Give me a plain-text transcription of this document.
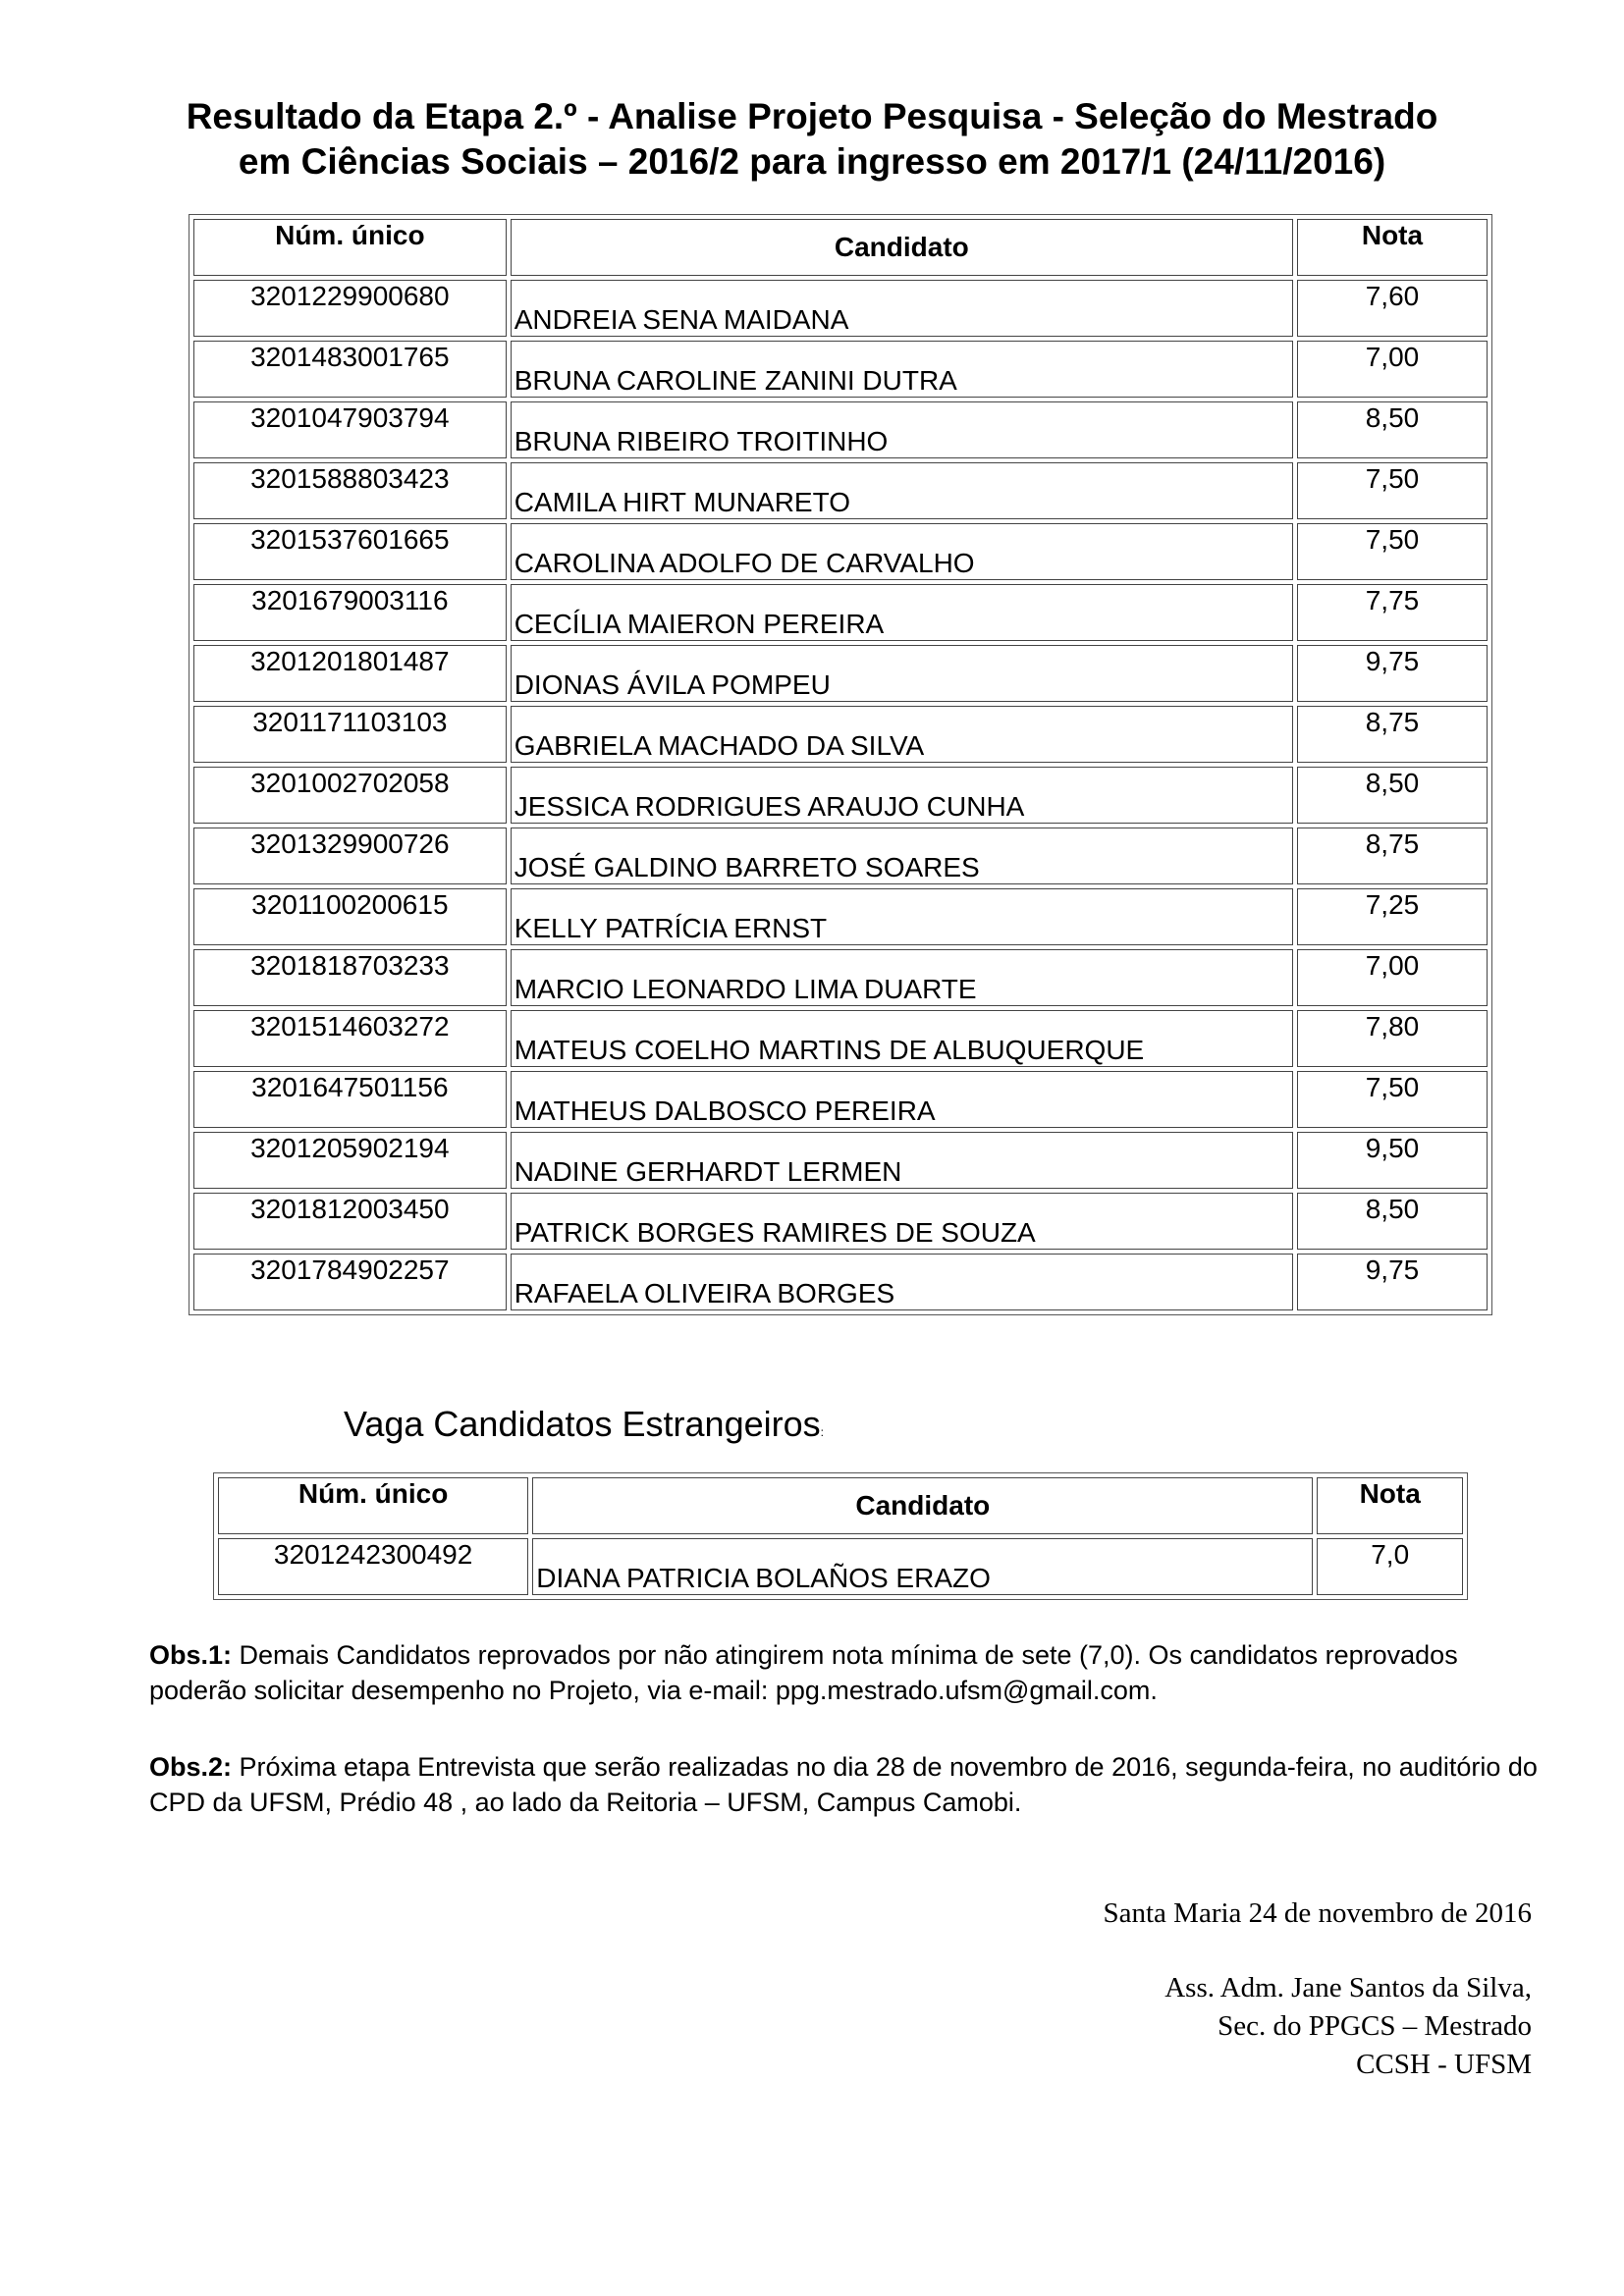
Resultado da Etapa 2.º - Analise Projeto Pesquisa - Seleção do Mestrado
em Ciências Sociais – 2016/2 para ingresso em 2017/1 (24/11/2016)
Núm. único	Candidato	Nota
3201229900680	ANDREIA SENA MAIDANA	7,60
3201483001765	BRUNA CAROLINE ZANINI DUTRA	7,00
3201047903794	BRUNA RIBEIRO TROITINHO	8,50
3201588803423	CAMILA HIRT MUNARETO	7,50
3201537601665	CAROLINA ADOLFO DE CARVALHO	7,50
3201679003116	CECÍLIA MAIERON PEREIRA	7,75
3201201801487	DIONAS ÁVILA POMPEU	9,75
3201171103103	GABRIELA MACHADO DA SILVA	8,75
3201002702058	JESSICA RODRIGUES ARAUJO CUNHA	8,50
3201329900726	JOSÉ GALDINO BARRETO SOARES	8,75
3201100200615	KELLY PATRÍCIA ERNST	7,25
3201818703233	MARCIO LEONARDO LIMA DUARTE	7,00
3201514603272	MATEUS COELHO MARTINS DE ALBUQUERQUE	7,80
3201647501156	MATHEUS DALBOSCO PEREIRA	7,50
3201205902194	NADINE GERHARDT LERMEN	9,50
3201812003450	PATRICK BORGES RAMIRES DE SOUZA	8,50
3201784902257	RAFAELA OLIVEIRA BORGES	9,75
Vaga Candidatos Estrangeiros:
Núm. único	Candidato	Nota
3201242300492	DIANA PATRICIA BOLAÑOS ERAZO	7,0
Obs.1: Demais Candidatos reprovados por não atingirem nota mínima de sete (7,0). Os candidatos reprovados poderão solicitar desempenho no Projeto, via e-mail: ppg.mestrado.ufsm@gmail.com.
Obs.2: Próxima etapa Entrevista que serão realizadas no dia 28 de novembro de 2016, segunda-feira, no auditório do CPD da UFSM, Prédio 48 , ao lado da Reitoria – UFSM, Campus Camobi.
Santa Maria 24 de novembro de 2016
Ass. Adm. Jane Santos da Silva,
Sec. do PPGCS – Mestrado
CCSH - UFSM
